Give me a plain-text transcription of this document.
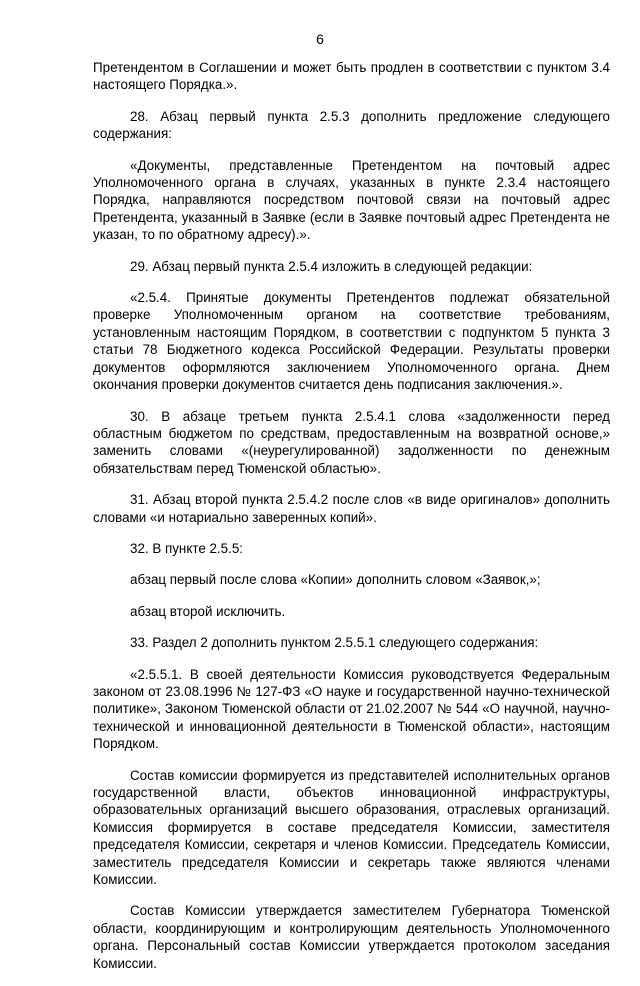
6

Претендентом в Соглашении и может быть продлен в соответствии с пунктом 3.4 настоящего Порядка.».

28. Абзац первый пункта 2.5.3 дополнить предложение следующего содержания:

«Документы, представленные Претендентом на почтовый адрес Уполномоченного органа в случаях, указанных в пункте 2.3.4 настоящего Порядка, направляются посредством почтовой связи на почтовый адрес Претендента, указанный в Заявке (если в Заявке почтовый адрес Претендента не указан, то по обратному адресу).».

29. Абзац первый пункта 2.5.4 изложить в следующей редакции:

«2.5.4. Принятые документы Претендентов подлежат обязательной проверке Уполномоченным органом на соответствие требованиям, установленным настоящим Порядком, в соответствии с подпунктом 5 пункта 3 статьи 78 Бюджетного кодекса Российской Федерации. Результаты проверки документов оформляются заключением Уполномоченного органа. Днем окончания проверки документов считается день подписания заключения.».

30. В абзаце третьем пункта 2.5.4.1 слова «задолженности перед областным бюджетом по средствам, предоставленным на возвратной основе,» заменить словами «(неурегулированной) задолженности по денежным обязательствам перед Тюменской областью».

31. Абзац второй пункта 2.5.4.2 после слов «в виде оригиналов» дополнить словами «и нотариально заверенных копий».

32. В пункте 2.5.5:

абзац первый после слова «Копии» дополнить словом «Заявок,»;

абзац второй исключить.

33. Раздел 2 дополнить пунктом 2.5.5.1 следующего содержания:

«2.5.5.1. В своей деятельности Комиссия руководствуется Федеральным законом от 23.08.1996 № 127-ФЗ «О науке и государственной научно-технической политике», Законом Тюменской области от 21.02.2007 № 544 «О научной, научно-технической и инновационной деятельности в Тюменской области», настоящим Порядком.

Состав комиссии формируется из представителей исполнительных органов государственной власти, объектов инновационной инфраструктуры, образовательных организаций высшего образования, отраслевых организаций. Комиссия формируется в составе председателя Комиссии, заместителя председателя Комиссии, секретаря и членов Комиссии. Председатель Комиссии, заместитель председателя Комиссии и секретарь также являются членами Комиссии.

Состав Комиссии утверждается заместителем Губернатора Тюменской области, координирующим и контролирующим деятельность Уполномоченного органа. Персональный состав Комиссии утверждается протоколом заседания Комиссии.
